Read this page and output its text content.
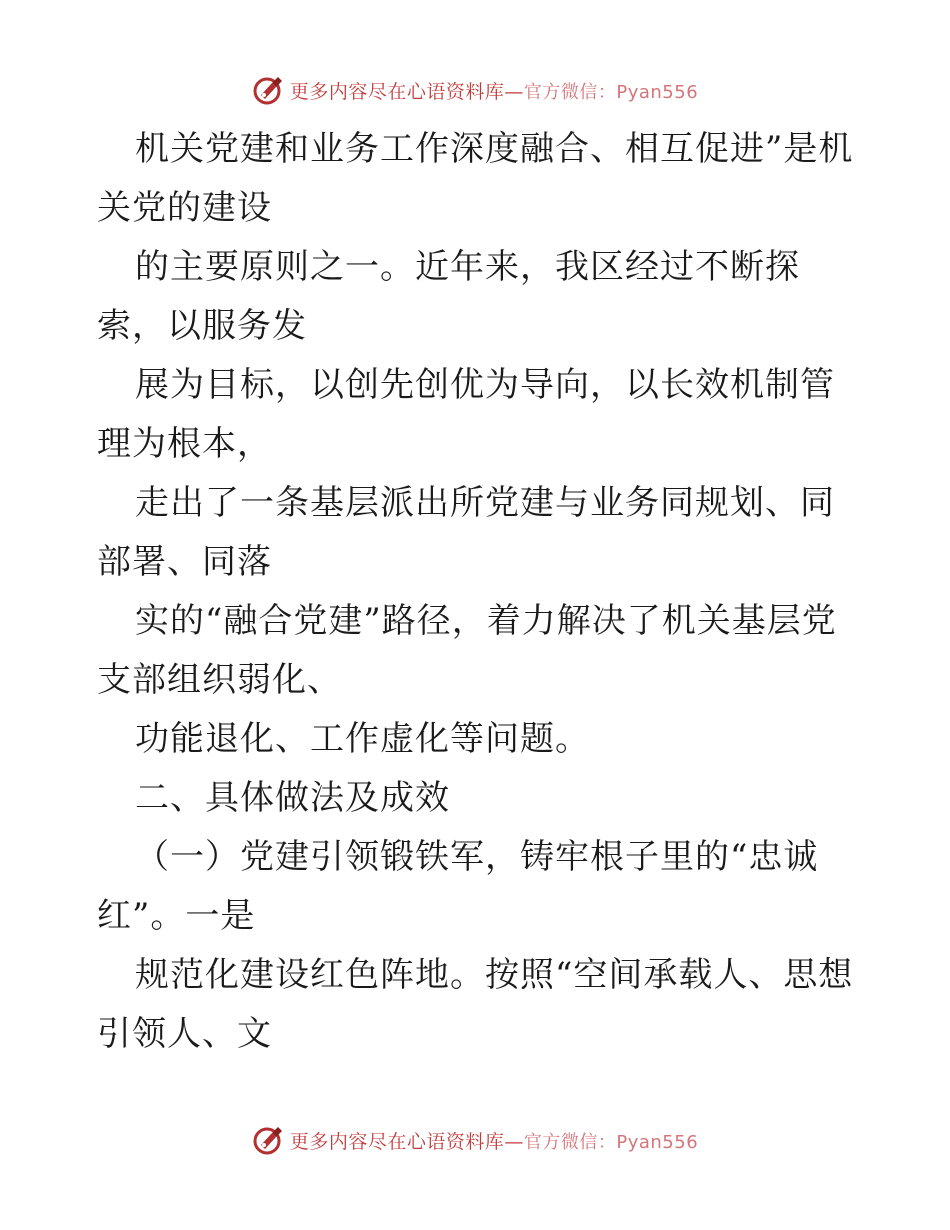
更多内容尽在心语资料库—官方微信：Pyan556

机关党建和业务工作深度融合、相互促进”是机关党的建设

的主要原则之一。近年来，我区经过不断探索，以服务发

展为目标，以创先创优为导向，以长效机制管理为根本，

走出了一条基层派出所党建与业务同规划、同部署、同落

实的“融合党建”路径，着力解决了机关基层党支部组织弱化、

功能退化、工作虚化等问题。

二、具体做法及成效

（一）党建引领锻铁军，铸牢根子里的“忠诚红”。一是

规范化建设红色阵地。按照“空间承载人、思想引领人、文

更多内容尽在心语资料库—官方微信：Pyan556
